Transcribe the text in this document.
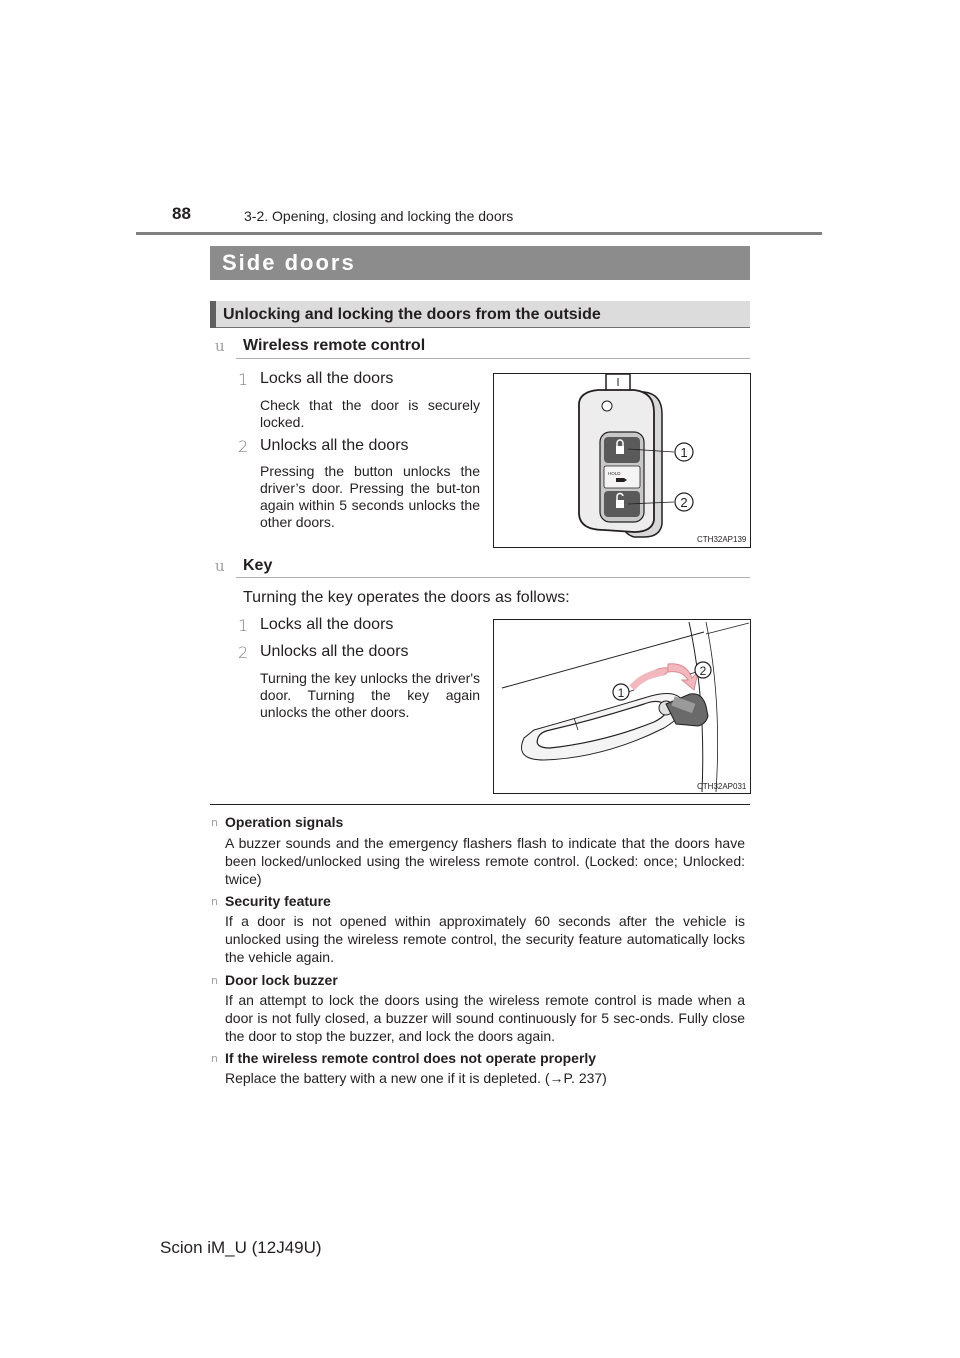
88	3-2. Opening, closing and locking the doors
Side doors
Unlocking and locking the doors from the outside
u Wireless remote control
1 Locks all the doors
Check that the door is securely locked.
2 Unlocks all the doors
Pressing the button unlocks the driver’s door. Pressing the but-ton again within 5 seconds unlocks the other doors.
HOLD
1
2
CTH32AP139
u Key
Turning the key operates the doors as follows:
1 Locks all the doors
2 Unlocks all the doors
Turning the key unlocks the driver's door. Turning the key again unlocks the other doors.
1
2
CTH32AP031
n Operation signals
A buzzer sounds and the emergency flashers flash to indicate that the doors have been locked/unlocked using the wireless remote control. (Locked: once; Unlocked: twice)
n Security feature
If a door is not opened within approximately 60 seconds after the vehicle is unlocked using the wireless remote control, the security feature automatically locks the vehicle again.
n Door lock buzzer
If an attempt to lock the doors using the wireless remote control is made when a door is not fully closed, a buzzer will sound continuously for 5 sec-onds. Fully close the door to stop the buzzer, and lock the doors again.
n If the wireless remote control does not operate properly
Replace the battery with a new one if it is depleted. (→P. 237)
Scion iM_U (12J49U)
